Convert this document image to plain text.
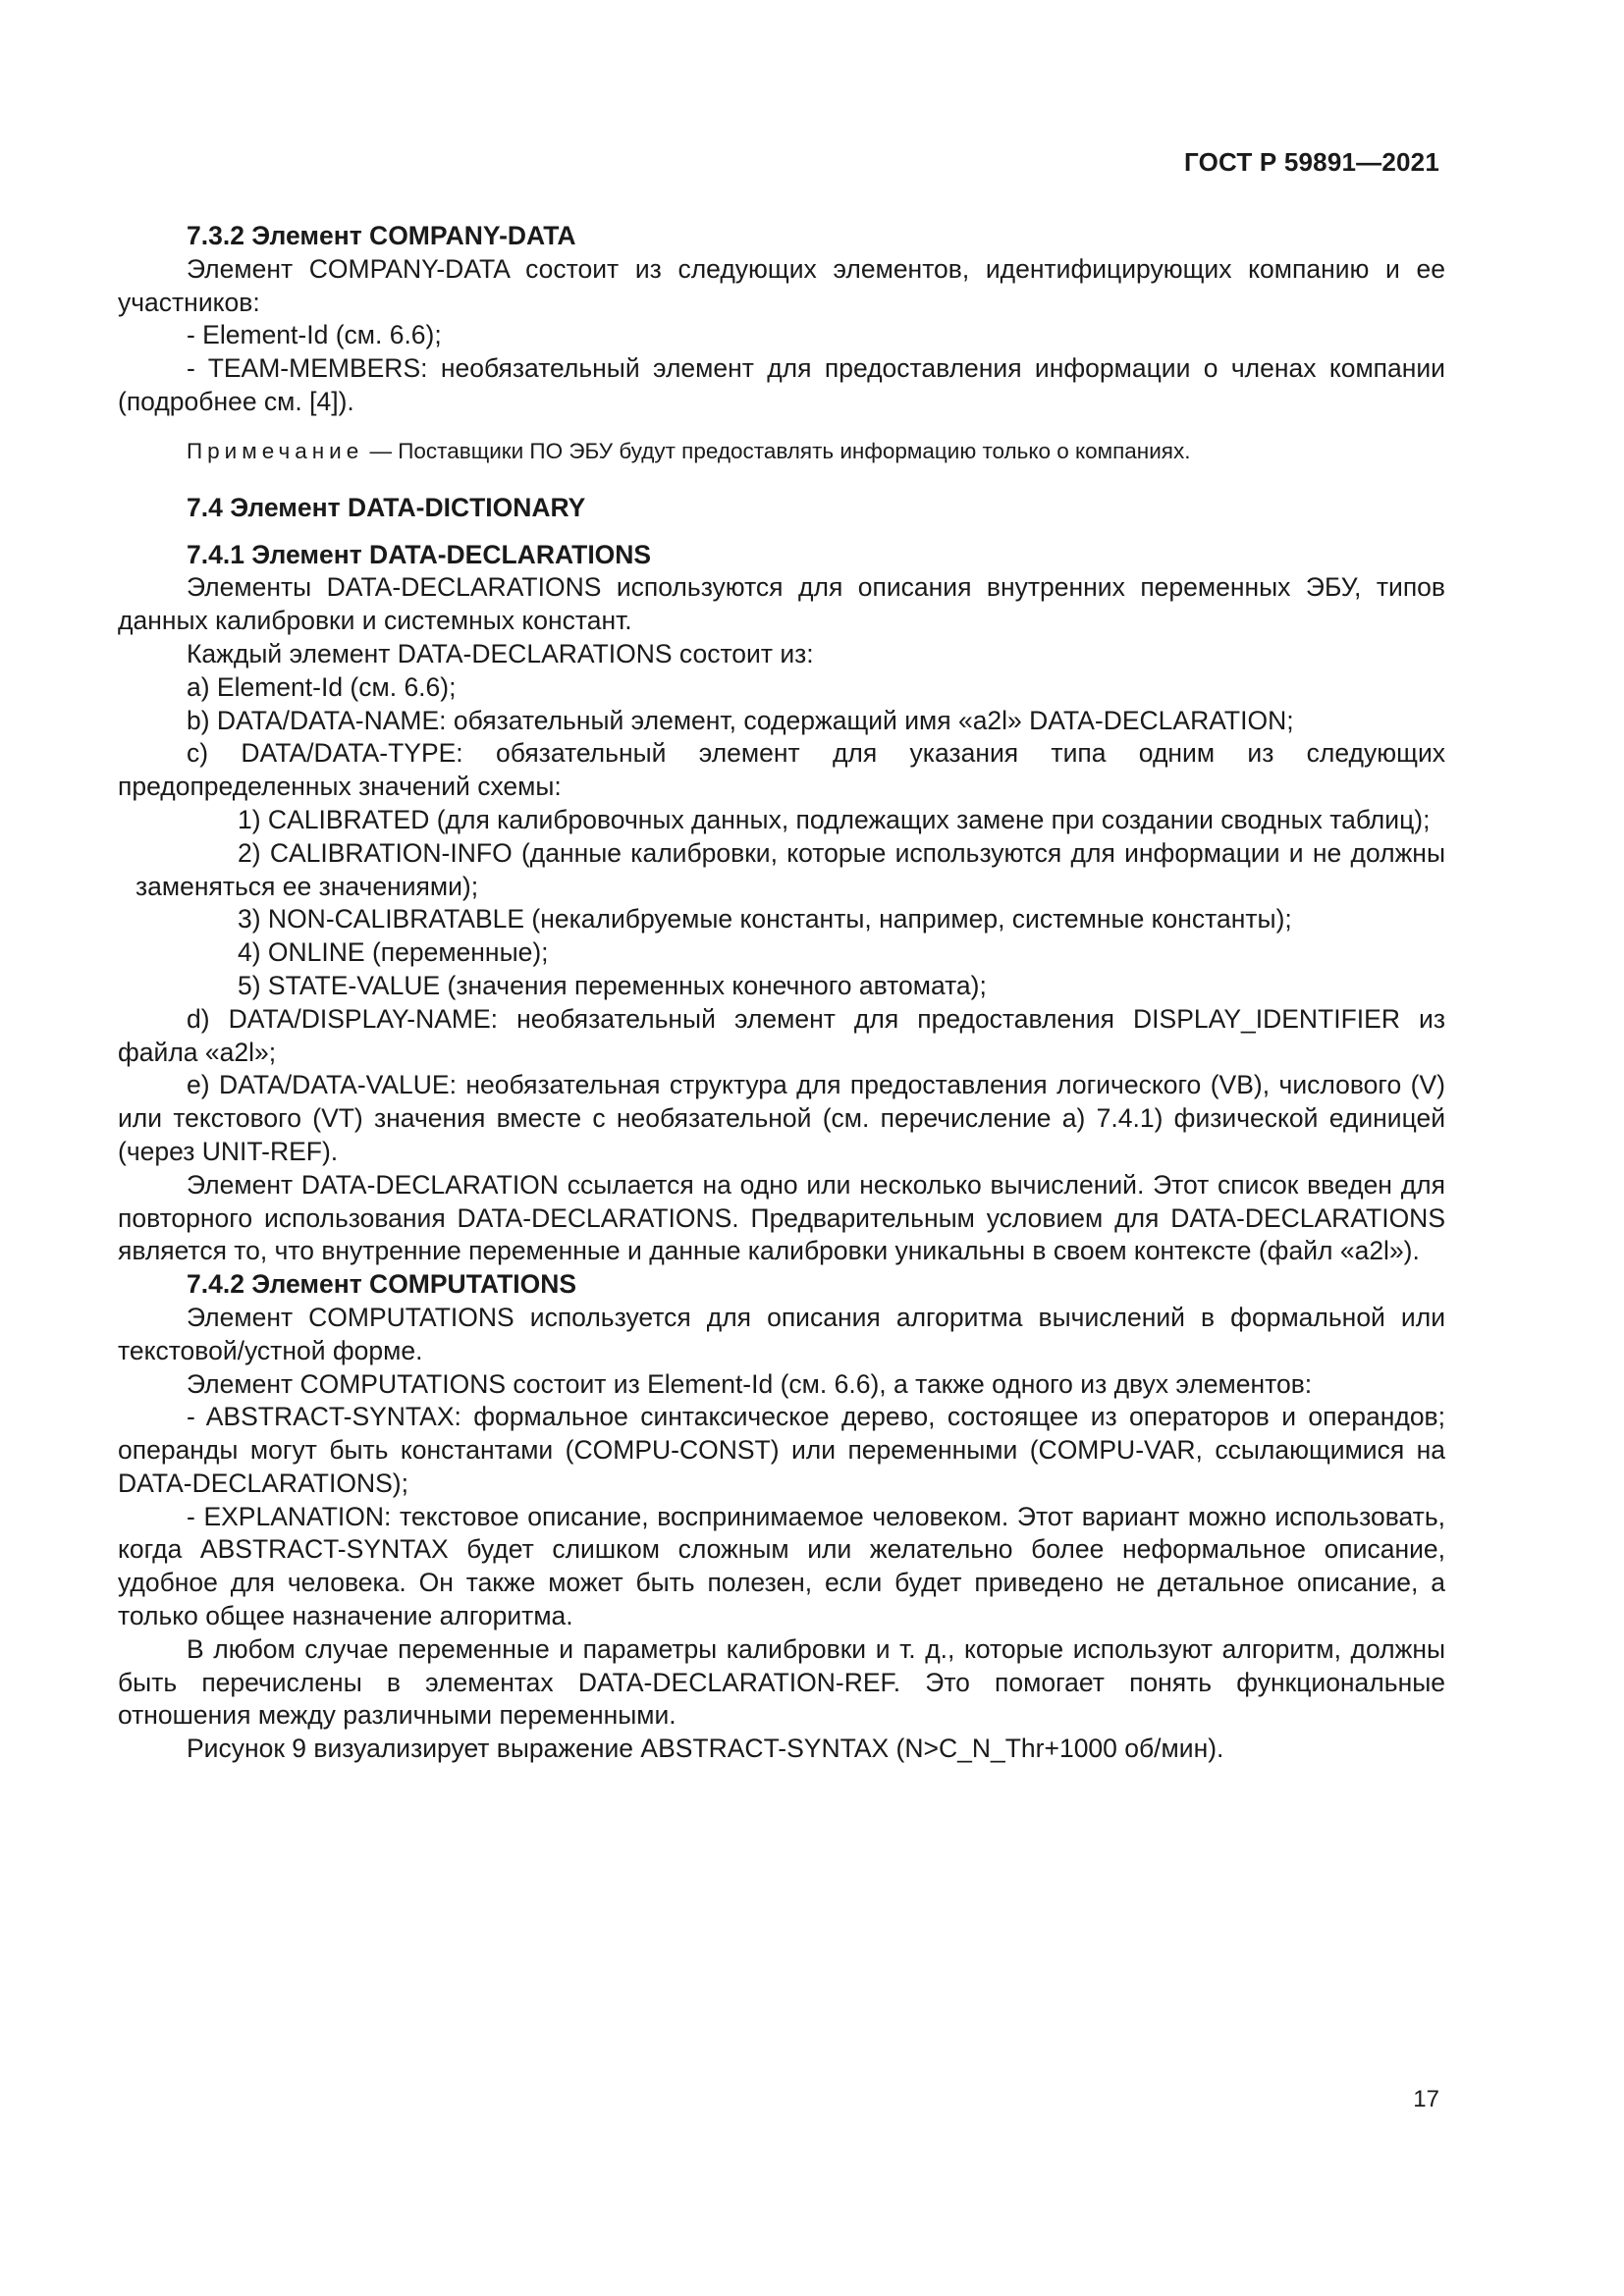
ГОСТ Р 59891—2021

7.3.2 Элемент COMPANY-DATA

Элемент COMPANY-DATA состоит из следующих элементов, идентифицирующих компанию и ее участников:

- Element-Id (см. 6.6);

- TEAM-MEMBERS: необязательный элемент для предоставления информации о членах компании (подробнее см. [4]).

Примечание — Поставщики ПО ЭБУ будут предоставлять информацию только о компаниях.

7.4 Элемент DATA-DICTIONARY

7.4.1 Элемент DATA-DECLARATIONS

Элементы DATA-DECLARATIONS используются для описания внутренних переменных ЭБУ, типов данных калибровки и системных констант.

Каждый элемент DATA-DECLARATIONS состоит из:

a) Element-Id (см. 6.6);

b) DATA/DATA-NAME: обязательный элемент, содержащий имя «a2l» DATA-DECLARATION;

c) DATA/DATA-TYPE: обязательный элемент для указания типа одним из следующих предопределенных значений схемы:

1) CALIBRATED (для калибровочных данных, подлежащих замене при создании сводных таблиц);

2) CALIBRATION-INFO (данные калибровки, которые используются для информации и не должны заменяться ее значениями);

3) NON-CALIBRATABLE (некалибруемые константы, например, системные константы);

4) ONLINE (переменные);

5) STATE-VALUE (значения переменных конечного автомата);

d) DATA/DISPLAY-NAME: необязательный элемент для предоставления DISPLAY_IDENTIFIER из файла «a2l»;

e) DATA/DATA-VALUE: необязательная структура для предоставления логического (VB), числового (V) или текстового (VT) значения вместе с необязательной (см. перечисление a) 7.4.1) физической единицей (через UNIT-REF).

Элемент DATA-DECLARATION ссылается на одно или несколько вычислений. Этот список введен для повторного использования DATA-DECLARATIONS. Предварительным условием для DATA-DECLARATIONS является то, что внутренние переменные и данные калибровки уникальны в своем контексте (файл «a2l»).

7.4.2 Элемент COMPUTATIONS

Элемент COMPUTATIONS используется для описания алгоритма вычислений в формальной или текстовой/устной форме.

Элемент COMPUTATIONS состоит из Element-Id (см. 6.6), а также одного из двух элементов:

- ABSTRACT-SYNTAX: формальное синтаксическое дерево, состоящее из операторов и операндов; операнды могут быть константами (COMPU-CONST) или переменными (COMPU-VAR, ссылающимися на DATA-DECLARATIONS);

- EXPLANATION: текстовое описание, воспринимаемое человеком. Этот вариант можно использовать, когда ABSTRACT-SYNTAX будет слишком сложным или желательно более неформальное описание, удобное для человека. Он также может быть полезен, если будет приведено не детальное описание, а только общее назначение алгоритма.

В любом случае переменные и параметры калибровки и т. д., которые используют алгоритм, должны быть перечислены в элементах DATA-DECLARATION-REF. Это помогает понять функциональные отношения между различными переменными.

Рисунок 9 визуализирует выражение ABSTRACT-SYNTAX (N>C_N_Thr+1000 об/мин).

17
